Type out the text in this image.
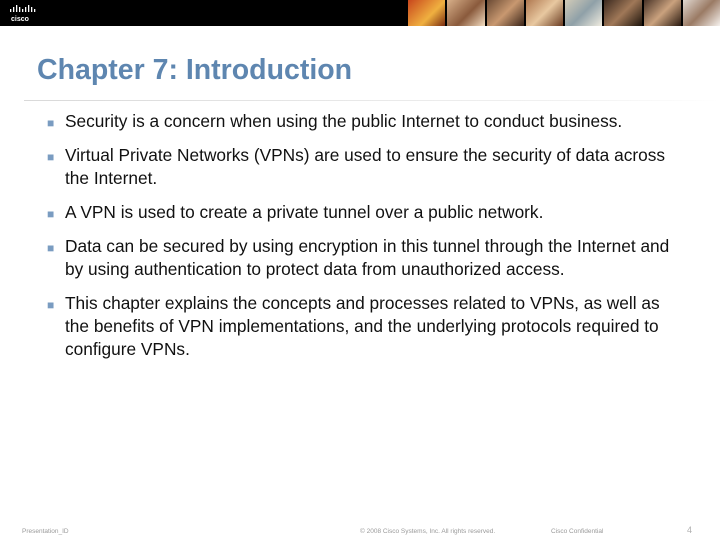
cisco
Chapter 7: Introduction
■ Security is a concern when using the public Internet to conduct business.
■ Virtual Private Networks (VPNs) are used to ensure the security of data across the Internet.
■ A VPN is used to create a private tunnel over a public network.
■ Data can be secured by using encryption in this tunnel through the Internet and by using authentication to protect data from unauthorized access.
■ This chapter explains the concepts and processes related to VPNs, as well as the benefits of VPN implementations, and the underlying protocols required to configure VPNs.
Presentation_ID	© 2008 Cisco Systems, Inc. All rights reserved.	Cisco Confidential	4
